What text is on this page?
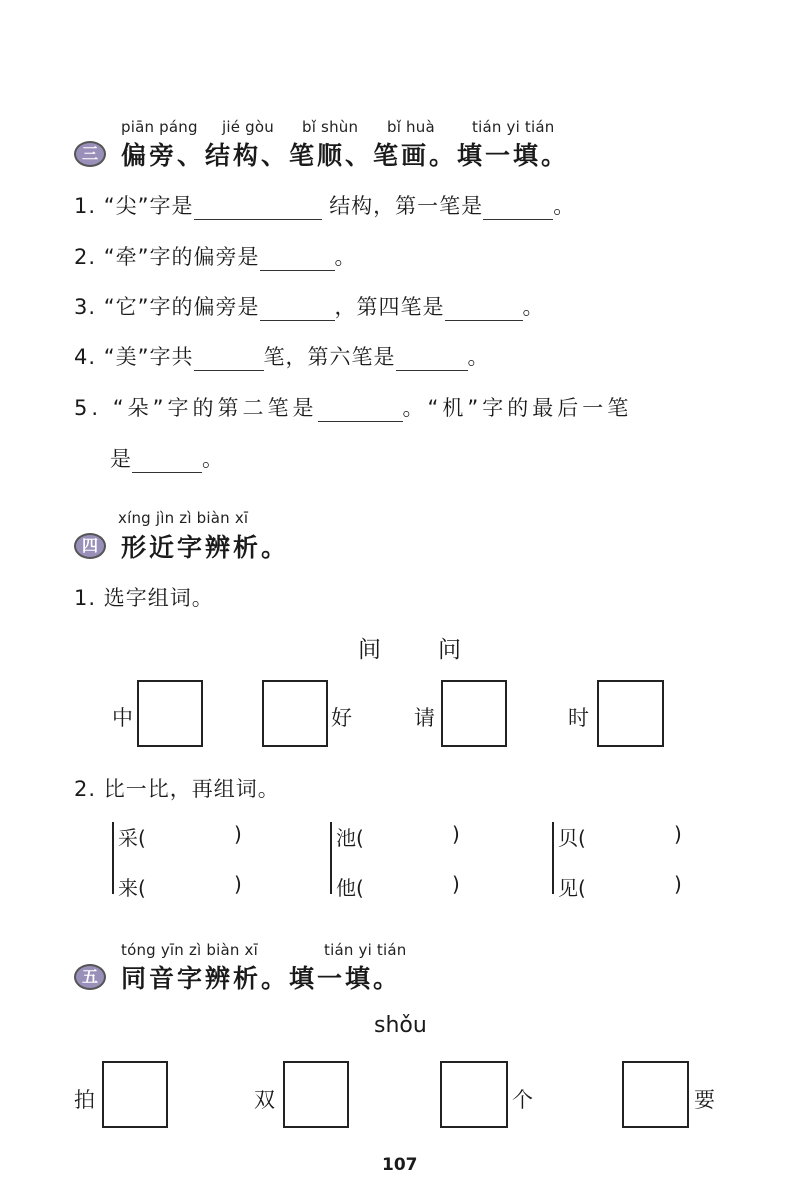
piān páng jié gòu bǐ shùn bǐ huà tián yi tián
三 偏旁、结构、笔顺、笔画。填一填。
1. “尖”字是	结构，第一笔是	。
2. “牵”字的偏旁是	。
3. “它”字的偏旁是	，第四笔是	。
4. “美”字共	笔，第六笔是	。
5. “朵”字的第二笔是	。“机”字的最后一笔
是	。
xíng jìn zì biàn xī
四 形近字辨析。
1. 选字组词。
间 问
中	好	请	时
2. 比一比，再组词。
采(	)
来(	)
池(	)
他(	)
贝(	)
见(	)
tóng yīn zì biàn xī	tián yi tián
五 同音字辨析。填一填。
shǒu
拍	双	个	要
107
